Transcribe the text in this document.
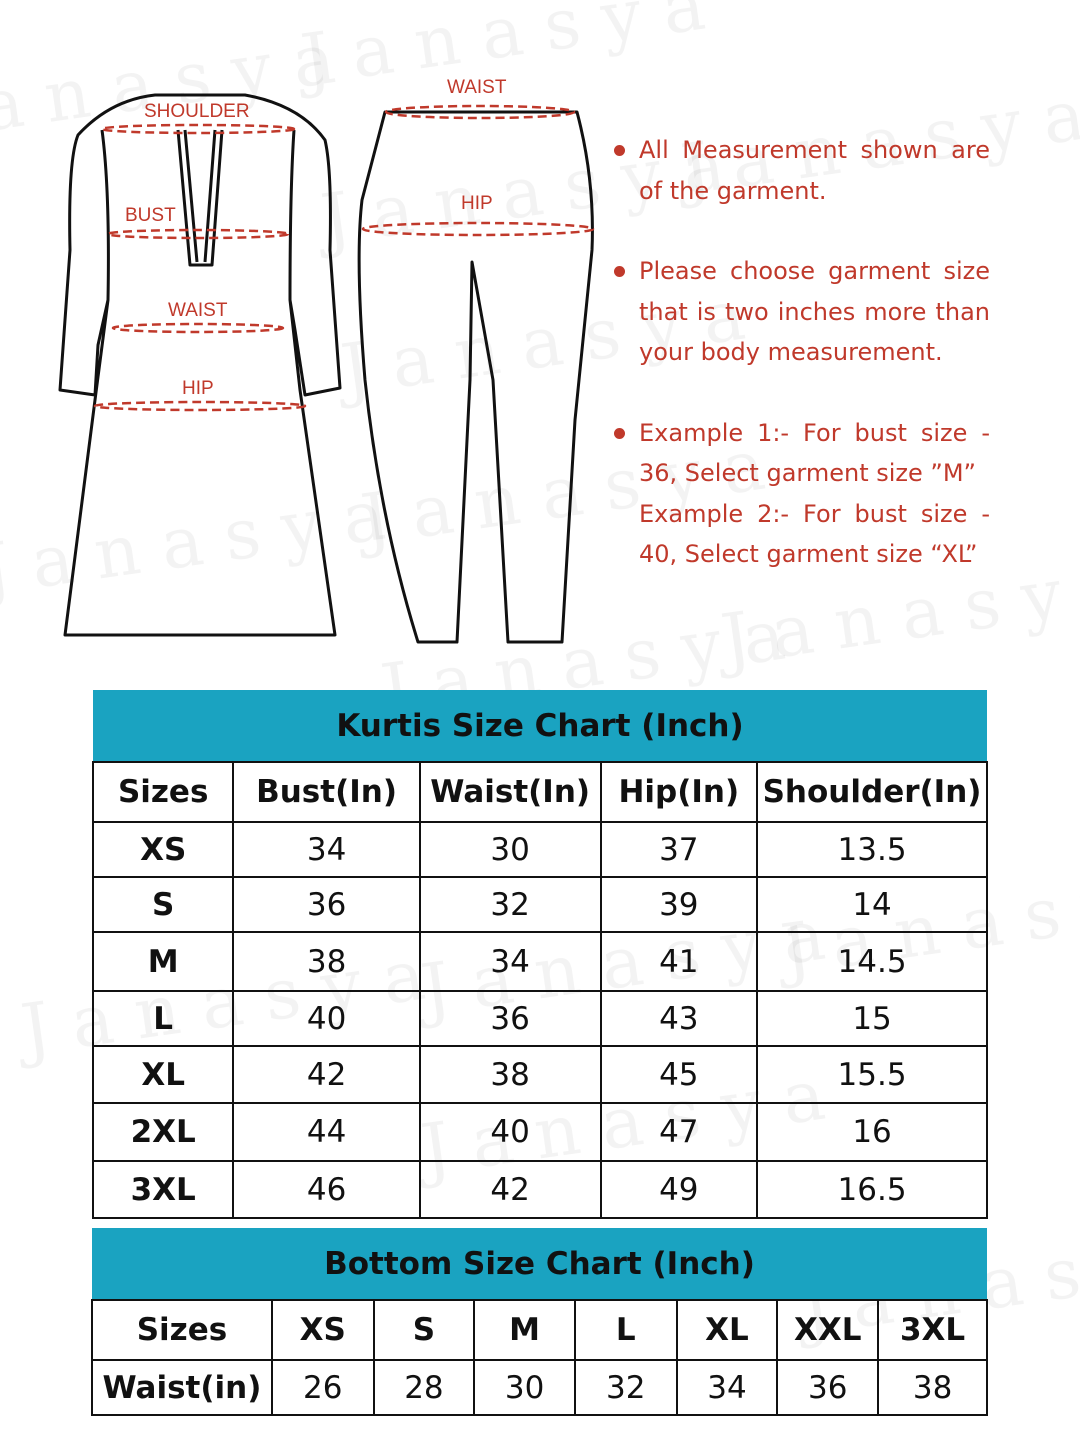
SHOULDER
BUST
WAIST
HIP
WAIST
HIP
All Measurement shown are of the garment.
Please choose garment size that is two inches more than your body measurement.
Example 1:- For bust size - 36, Select garment size ”M”
Example 2:- For bust size - 40, Select garment size “XL”
Kurtis Size Chart (Inch)				
Sizes	Bust(In)	Waist(In)	Hip(In)	Shoulder(In)
XS	34	30	37	13.5
S	36	32	39	14
M	38	34	41	14.5
L	40	36	43	15
XL	42	38	45	15.5
2XL	44	40	47	16
3XL	46	42	49	16.5
Bottom Size Chart (Inch)							
Sizes	XS	S	M	L	XL	XXL	3XL
Waist(in)	26	28	30	32	34	36	38
